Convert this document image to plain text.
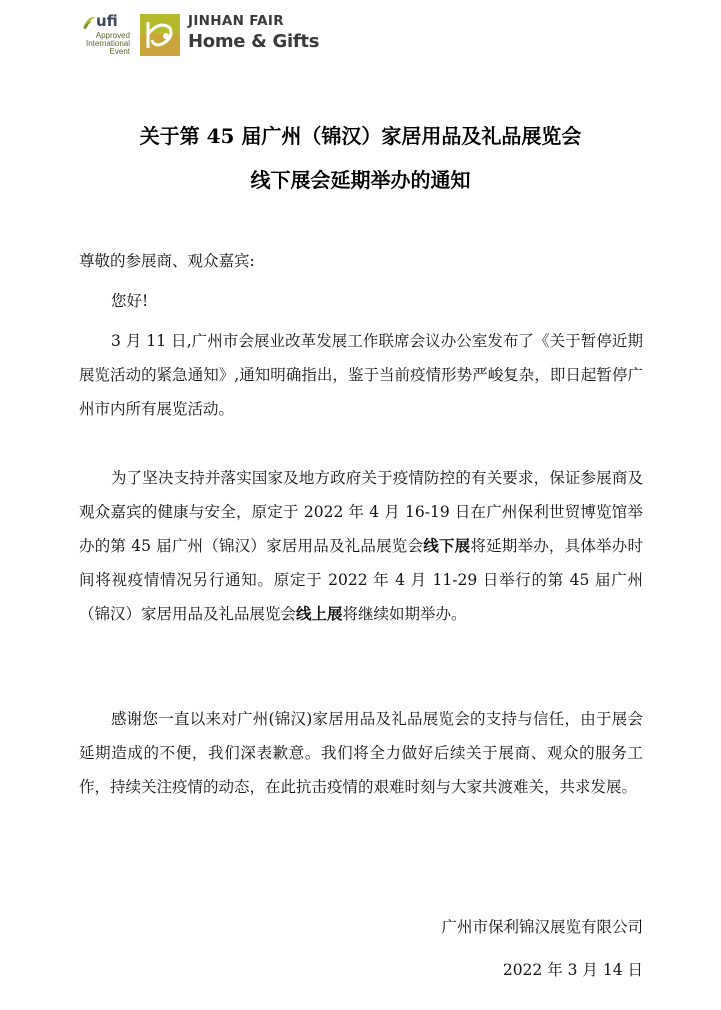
ufi
Approved
International
Event
JINHAN FAIR
Home & Gifts
关于第 45 届广州（锦汉）家居用品及礼品展览会
线下展会延期举办的通知

尊敬的参展商、观众嘉宾:

您好!

3 月 11 日,广州市会展业改革发展工作联席会议办公室发布了《关于暂停近期展览活动的紧急通知》,通知明确指出，鉴于当前疫情形势严峻复杂，即日起暂停广州市内所有展览活动。

为了坚决支持并落实国家及地方政府关于疫情防控的有关要求，保证参展商及观众嘉宾的健康与安全，原定于 2022 年 4 月 16-19 日在广州保利世贸博览馆举办的第 45 届广州（锦汉）家居用品及礼品展览会线下展将延期举办，具体举办时间将视疫情情况另行通知。原定于 2022 年 4 月 11-29 日举行的第 45 届广州（锦汉）家居用品及礼品展览会线上展将继续如期举办。

感谢您一直以来对广州(锦汉)家居用品及礼品展览会的支持与信任，由于展会延期造成的不便，我们深表歉意。我们将全力做好后续关于展商、观众的服务工作，持续关注疫情的动态，在此抗击疫情的艰难时刻与大家共渡难关，共求发展。

广州市保利锦汉展览有限公司
2022 年 3 月 14 日
